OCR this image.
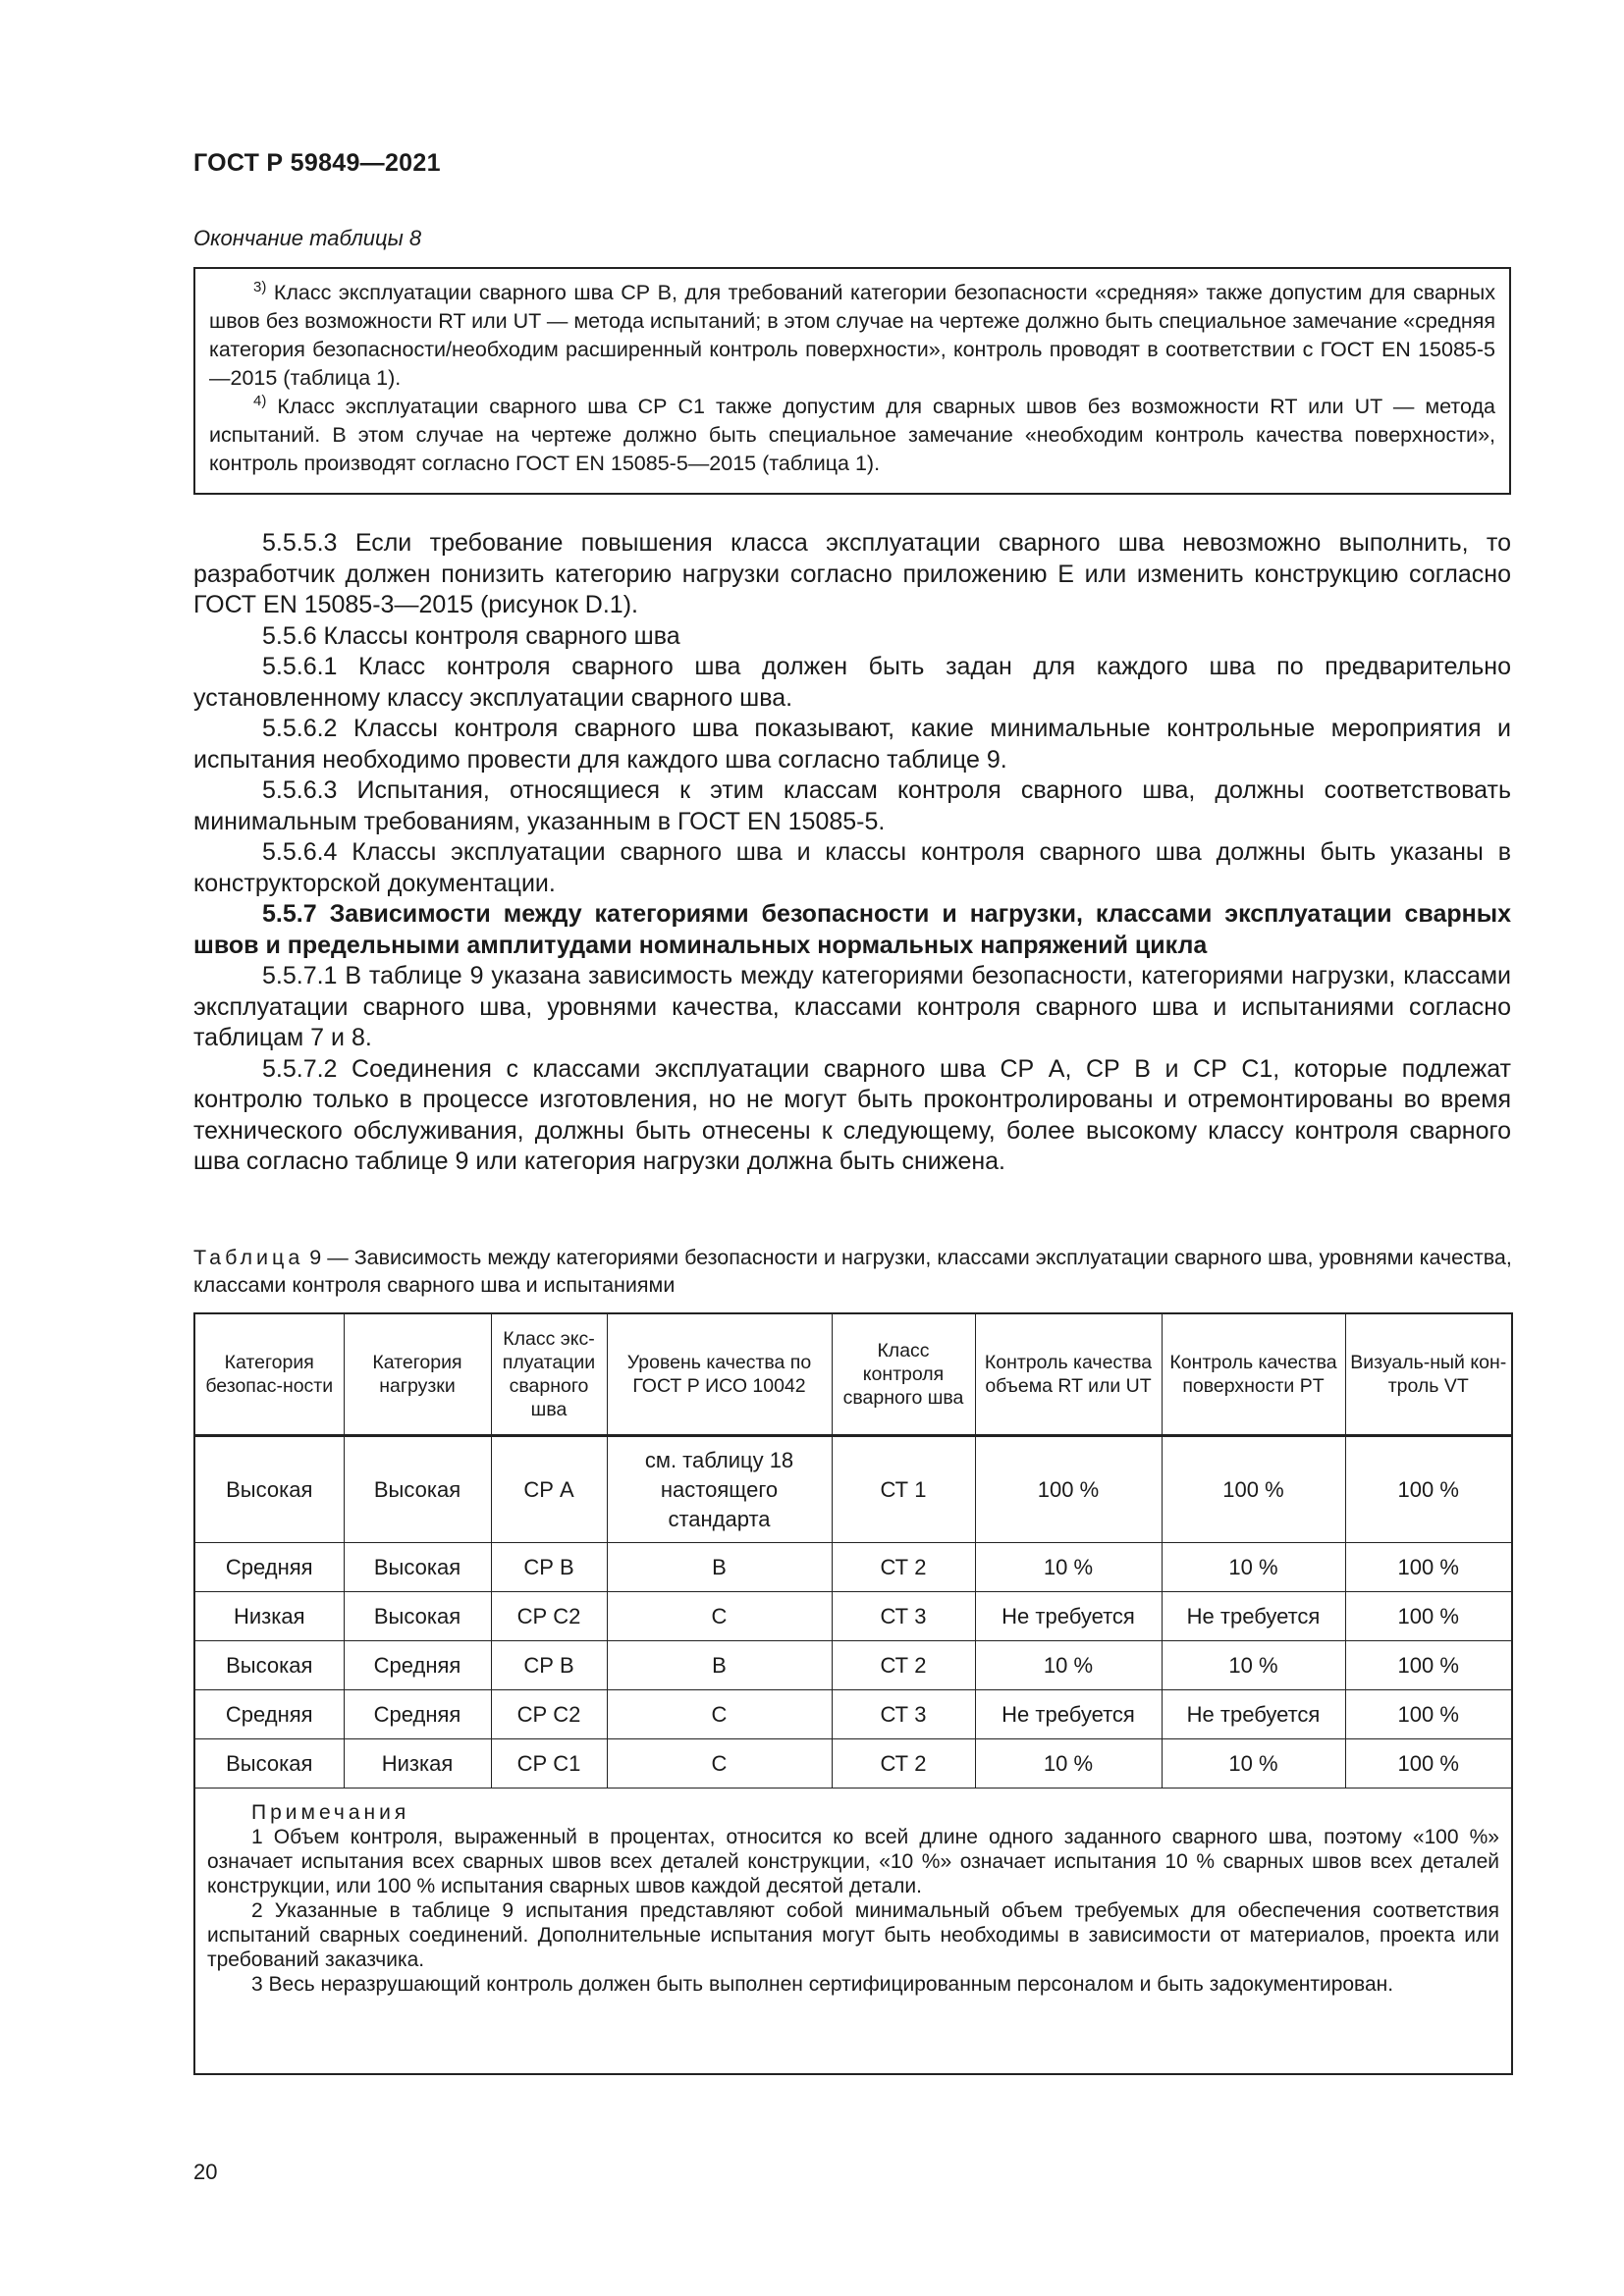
ГОСТ Р 59849—2021
Окончание таблицы 8

$^{3)}$ Класс эксплуатации сварного шва СР В, для требований категории безопасности «средняя» также допустим для сварных швов без возможности RT или UT — метода испытаний; в этом случае на чертеже должно быть специальное замечание «средняя категория безопасности/необходим расширенный контроль поверхности», контроль проводят в соответствии с ГОСТ EN 15085-5—2015 (таблица 1).

$^{4)}$ Класс эксплуатации сварного шва СР С1 также допустим для сварных швов без возможности RT или UT — метода испытаний. В этом случае на чертеже должно быть специальное замечание «необходим контроль качества поверхности», контроль производят согласно ГОСТ EN 15085-5—2015 (таблица 1).

5.5.5.3 Если требование повышения класса эксплуатации сварного шва невозможно выполнить, то разработчик должен понизить категорию нагрузки согласно приложению Е или изменить конструкцию согласно ГОСТ EN 15085-3—2015 (рисунок D.1).

5.5.6 Классы контроля сварного шва

5.5.6.1 Класс контроля сварного шва должен быть задан для каждого шва по предварительно установленному классу эксплуатации сварного шва.

5.5.6.2 Классы контроля сварного шва показывают, какие минимальные контрольные мероприятия и испытания необходимо провести для каждого шва согласно таблице 9.

5.5.6.3 Испытания, относящиеся к этим классам контроля сварного шва, должны соответствовать минимальным требованиям, указанным в ГОСТ EN 15085-5.

5.5.6.4 Классы эксплуатации сварного шва и классы контроля сварного шва должны быть указаны в конструкторской документации.

5.5.7 Зависимости между категориями безопасности и нагрузки, классами эксплуатации сварных швов и предельными амплитудами номинальных нормальных напряжений цикла

5.5.7.1 В таблице 9 указана зависимость между категориями безопасности, категориями нагрузки, классами эксплуатации сварного шва, уровнями качества, классами контроля сварного шва и испытаниями согласно таблицам 7 и 8.

5.5.7.2 Соединения с классами эксплуатации сварного шва СР А, СР В и СР С1, которые подлежат контролю только в процессе изготовления, но не могут быть проконтролированы и отремонтированы во время технического обслуживания, должны быть отнесены к следующему, более высокому классу контроля сварного шва согласно таблице 9 или категория нагрузки должна быть снижена.

Таблица 9 — Зависимость между категориями безопасности и нагрузки, классами эксплуатации сварного шва, уровнями качества, классами контроля сварного шва и испытаниями
Категория безопас-ности	Категория нагрузки	Класс экс-плуатации сварного шва	Уровень качества по ГОСТ Р ИСО 10042	Класс контроля сварного шва	Контроль качества объема RT или UT	Контроль качества поверхности PT	Визуаль-ный кон-троль VT
Высокая	Высокая	СР А	см. таблицу 18 настоящего стандарта	СТ 1	100 %	100 %	100 %
Средняя	Высокая	СР В	В	СТ 2	10 %	10 %	100 %
Низкая	Высокая	СР С2	С	СТ 3	Не требуется	Не требуется	100 %
Высокая	Средняя	СР В	В	СТ 2	10 %	10 %	100 %
Средняя	Средняя	СР С2	С	СТ 3	Не требуется	Не требуется	100 %
Высокая	Низкая	СР С1	С	СТ 2	10 %	10 %	100 %

Примечания

1 Объем контроля, выраженный в процентах, относится ко всей длине одного заданного сварного шва, поэтому «100 %» означает испытания всех сварных швов всех деталей конструкции, «10 %» означает испытания 10 % сварных швов всех деталей конструкции, или 100 % испытания сварных швов каждой десятой детали.

2 Указанные в таблице 9 испытания представляют собой минимальный объем требуемых для обеспечения соответствия испытаний сварных соединений. Дополнительные испытания могут быть необходимы в зависимости от материалов, проекта или требований заказчика.

3 Весь неразрушающий контроль должен быть выполнен сертифицированным персоналом и быть задокументирован.							

20
